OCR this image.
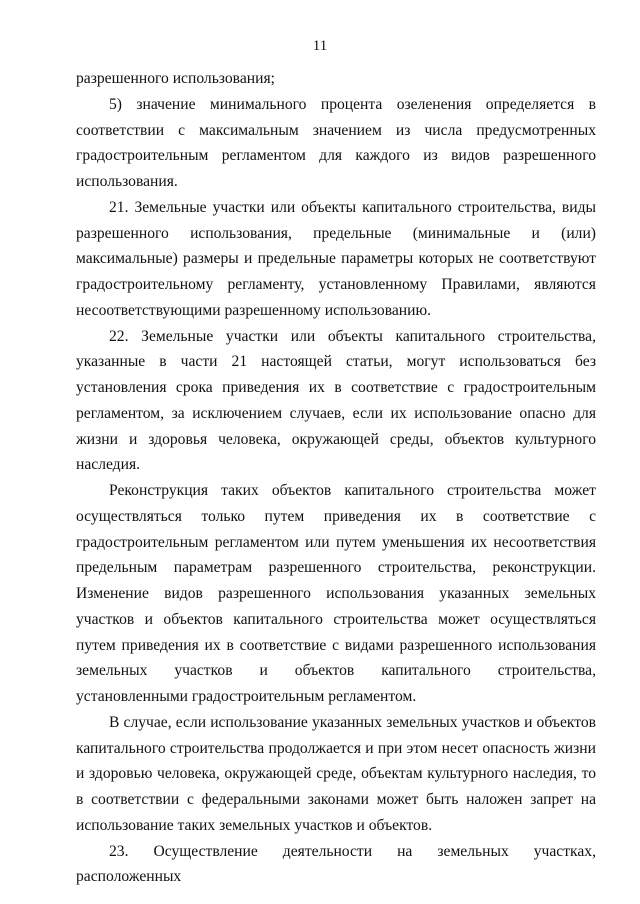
11

разрешенного использования;

5) значение минимального процента озеленения определяется в соответствии с максимальным значением из числа предусмотренных градостроительным регламентом для каждого из видов разрешенного использования.

21. Земельные участки или объекты капитального строительства, виды разрешенного использования, предельные (минимальные и (или) максимальные) размеры и предельные параметры которых не соответствуют градостроительному регламенту, установленному Правилами, являются несоответствующими разрешенному использованию.

22. Земельные участки или объекты капитального строительства, указанные в части 21 настоящей статьи, могут использоваться без установления срока приведения их в соответствие с градостроительным регламентом, за исключением случаев, если их использование опасно для жизни и здоровья человека, окружающей среды, объектов культурного наследия.

Реконструкция таких объектов капитального строительства может осуществляться только путем приведения их в соответствие с градостроительным регламентом или путем уменьшения их несоответствия предельным параметрам разрешенного строительства, реконструкции. Изменение видов разрешенного использования указанных земельных участков и объектов капитального строительства может осуществляться путем приведения их в соответствие с видами разрешенного использования земельных участков и объектов капитального строительства, установленными градостроительным регламентом.

В случае, если использование указанных земельных участков и объектов капитального строительства продолжается и при этом несет опасность жизни и здоровью человека, окружающей среде, объектам культурного наследия, то в соответствии с федеральными законами может быть наложен запрет на использование таких земельных участков и объектов.

23. Осуществление деятельности на земельных участках, расположенных
